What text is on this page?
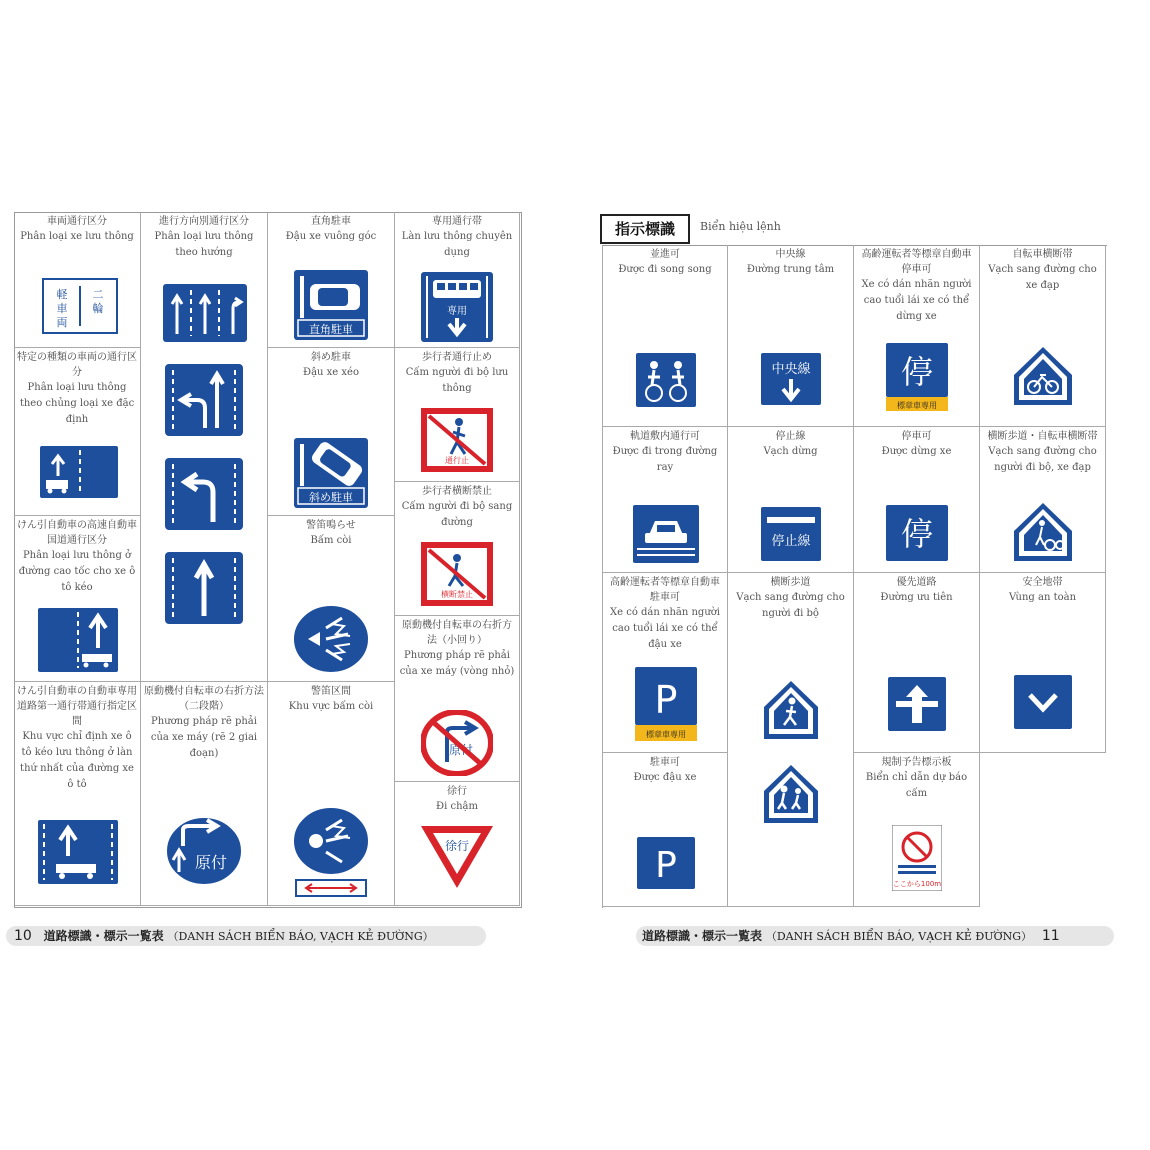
車両通行区分
Phân loại xe lưu thông
軽 二
車 輪
両
特定の種類の車両の通行区分
Phân loại lưu thông theo chủng loại xe đặc định
けん引自動車の高速自動車国道通行区分
Phân loại lưu thông ở đường cao tốc cho xe ô tô kéo
けん引自動車の自動車専用道路第一通行帯通行指定区間
Khu vực chỉ định xe ô tô kéo lưu thông ở làn thứ nhất của đường xe ô tô
進行方向別通行区分
Phân loại lưu thông theo hướng
原動機付自転車の右折方法（二段階）
Phương pháp rẽ phải của xe máy (rẽ 2 giai đoạn)
原付
直角駐車
Đậu xe vuông góc
直角駐車
斜め駐車
Đậu xe xéo
斜め駐車
警笛鳴らせ
Bấm còi
警笛区間
Khu vực bấm còi
専用通行帯
Làn lưu thông chuyên dụng
専用
歩行者通行止め
Cấm người đi bộ lưu thông
通行止
歩行者横断禁止
Cấm người đi bộ sang đường
横断禁止
原動機付自転車の右折方法（小回り）
Phương pháp rẽ phải của xe máy (vòng nhỏ)
原付
徐行
Đi chậm
徐行
10 道路標識・標示一覧表 （DANH SÁCH BIỂN BÁO, VẠCH KẺ ĐƯỜNG）
指示標識	Biển hiệu lệnh
並進可
Được đi song song
中央線
Đường trung tâm
中央線
高齢運転者等標章自動車停車可
Xe có dán nhãn người cao tuổi lái xe có thể dừng xe
停
標章車専用
自転車横断帯
Vạch sang đường cho xe đạp
軌道敷内通行可
Được đi trong đường ray
停止線
Vạch dừng
停止線
停車可
Được dừng xe
停
横断歩道・自転車横断帯
Vạch sang đường cho người đi bộ, xe đạp
高齢運転者等標章自動車駐車可
Xe có dán nhãn người cao tuổi lái xe có thể đậu xe
P
標章車専用
横断歩道
Vạch sang đường cho người đi bộ
優先道路
Đường ưu tiên
安全地帯
Vùng an toàn
駐車可
Được đậu xe
P
規制予告標示板
Biển chỉ dẫn dự báo cấm
ここから100m
道路標識・標示一覧表 （DANH SÁCH BIỂN BÁO, VẠCH KẺ ĐƯỜNG） 11
